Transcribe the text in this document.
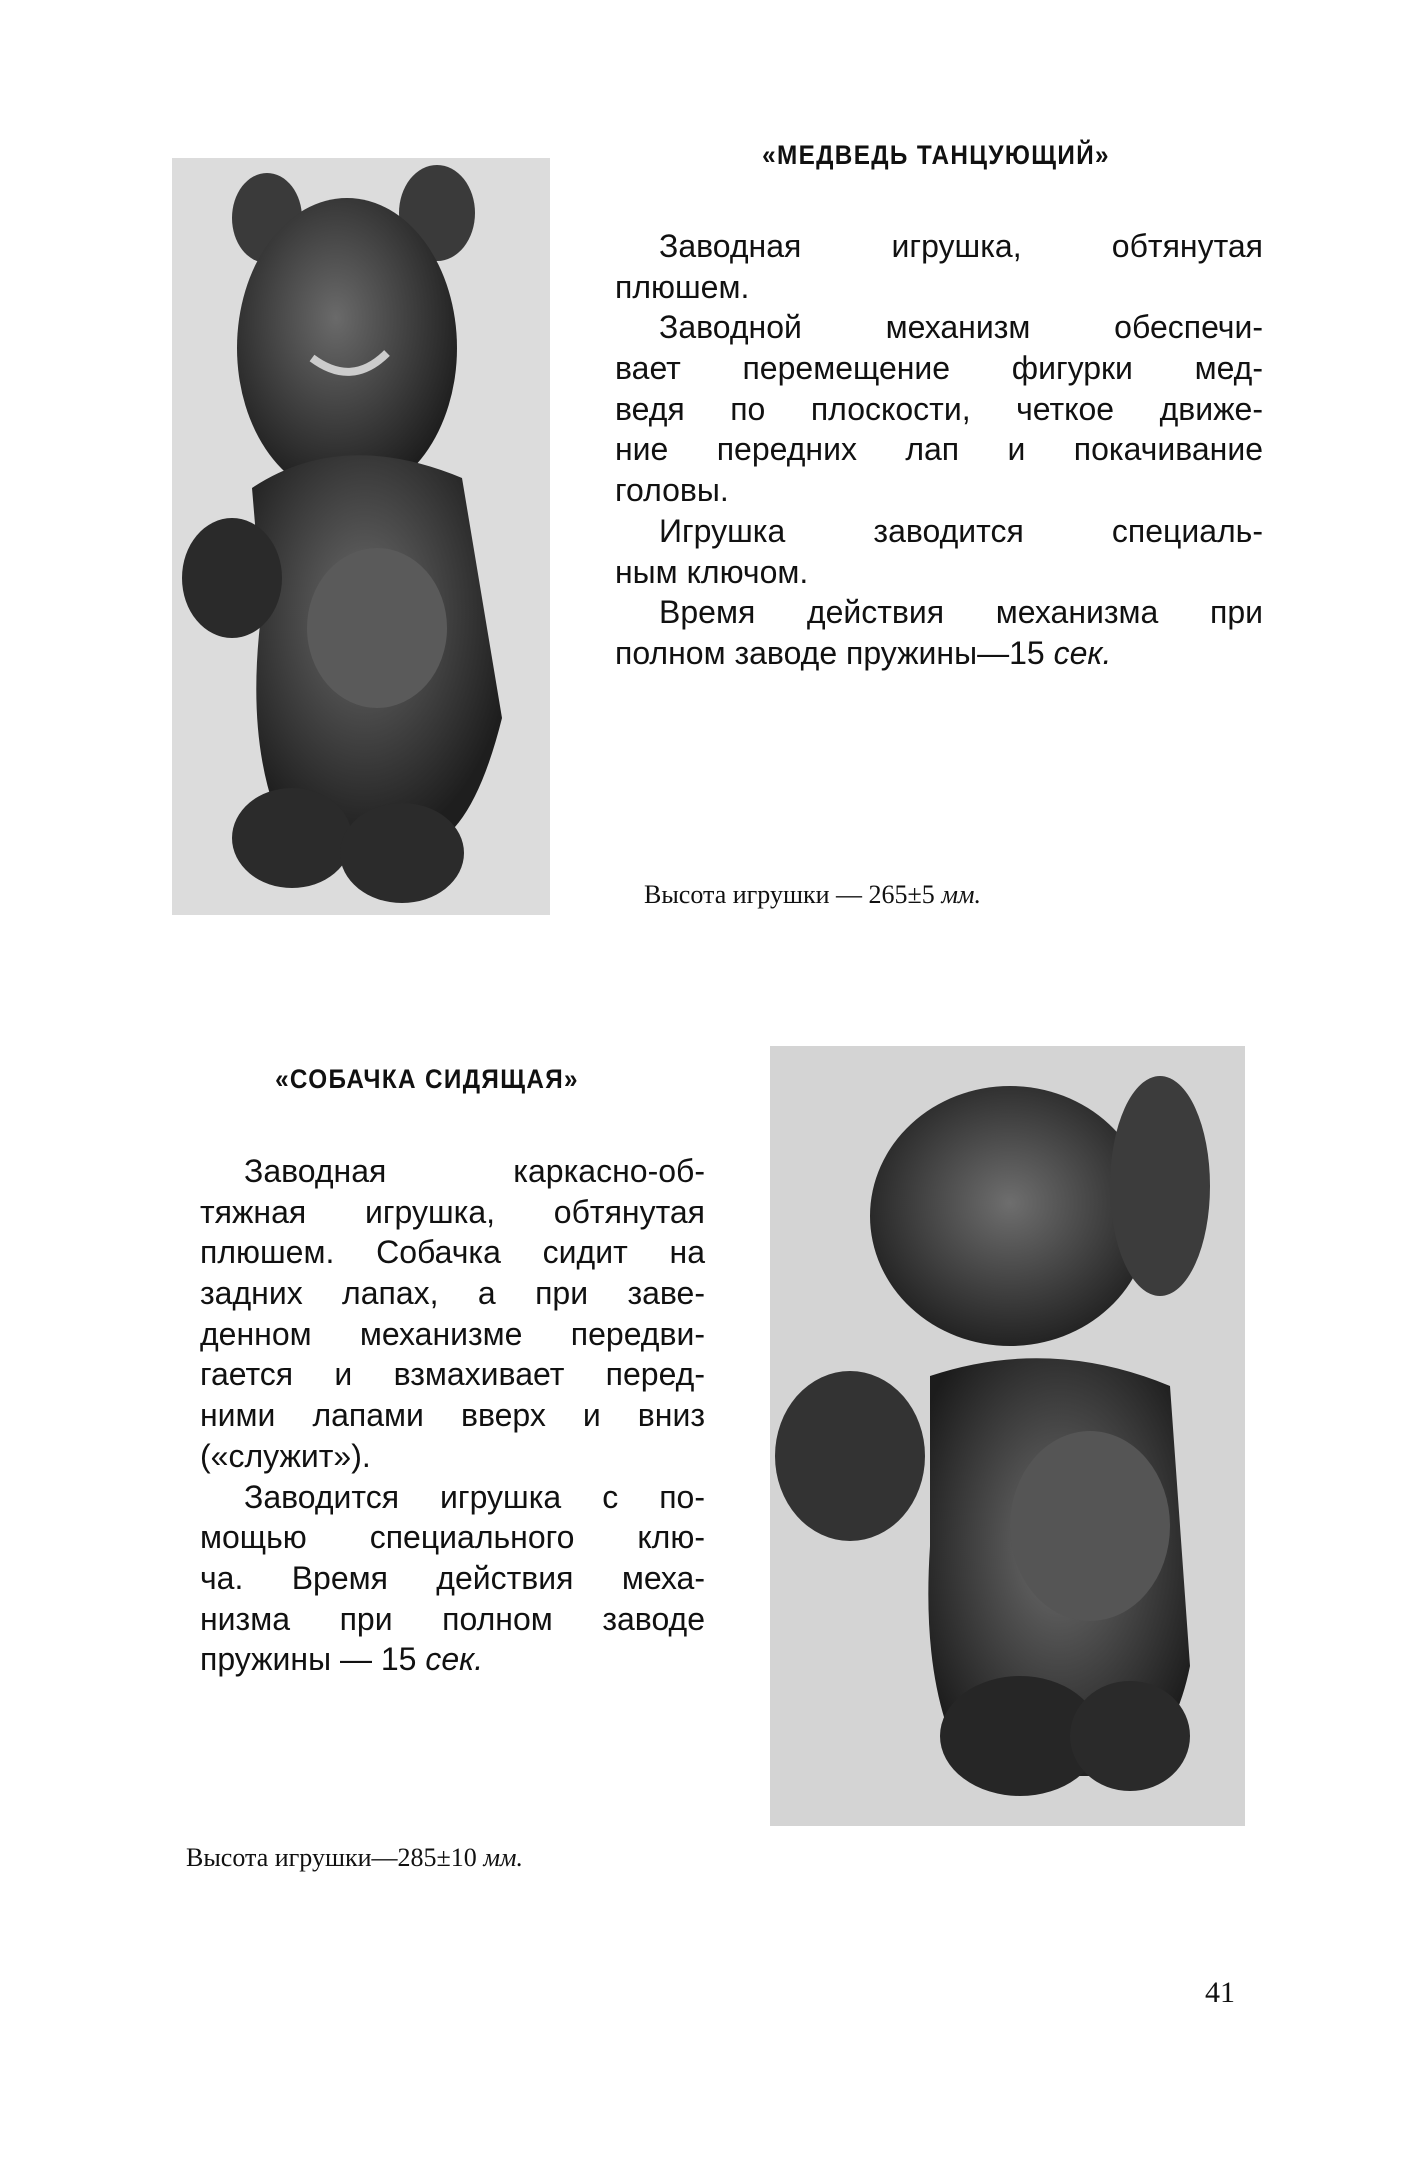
«МЕДВЕДЬ ТАНЦУЮЩИЙ»
Заводная игрушка, обтянутая
плюшем.
Заводной механизм обеспечи-
вает перемещение фигурки мед-
ведя по плоскости, четкое движе-
ние передних лап и покачивание
головы.
Игрушка заводится специаль-
ным ключом.
Время действия механизма при
полном заводе пружины—15 сек.
Высота игрушки — 265±5 мм.
«СОБАЧКА СИДЯЩАЯ»
Заводная каркасно-об-
тяжная игрушка, обтянутая
плюшем. Собачка сидит на
задних лапах, а при заве-
денном механизме передви-
гается и взмахивает перед-
ними лапами вверх и вниз
(«служит»).
Заводится игрушка с по-
мощью специального клю-
ча. Время действия меха-
низма при полном заводе
пружины — 15 сек.
Высота игрушки—285±10 мм.
41
